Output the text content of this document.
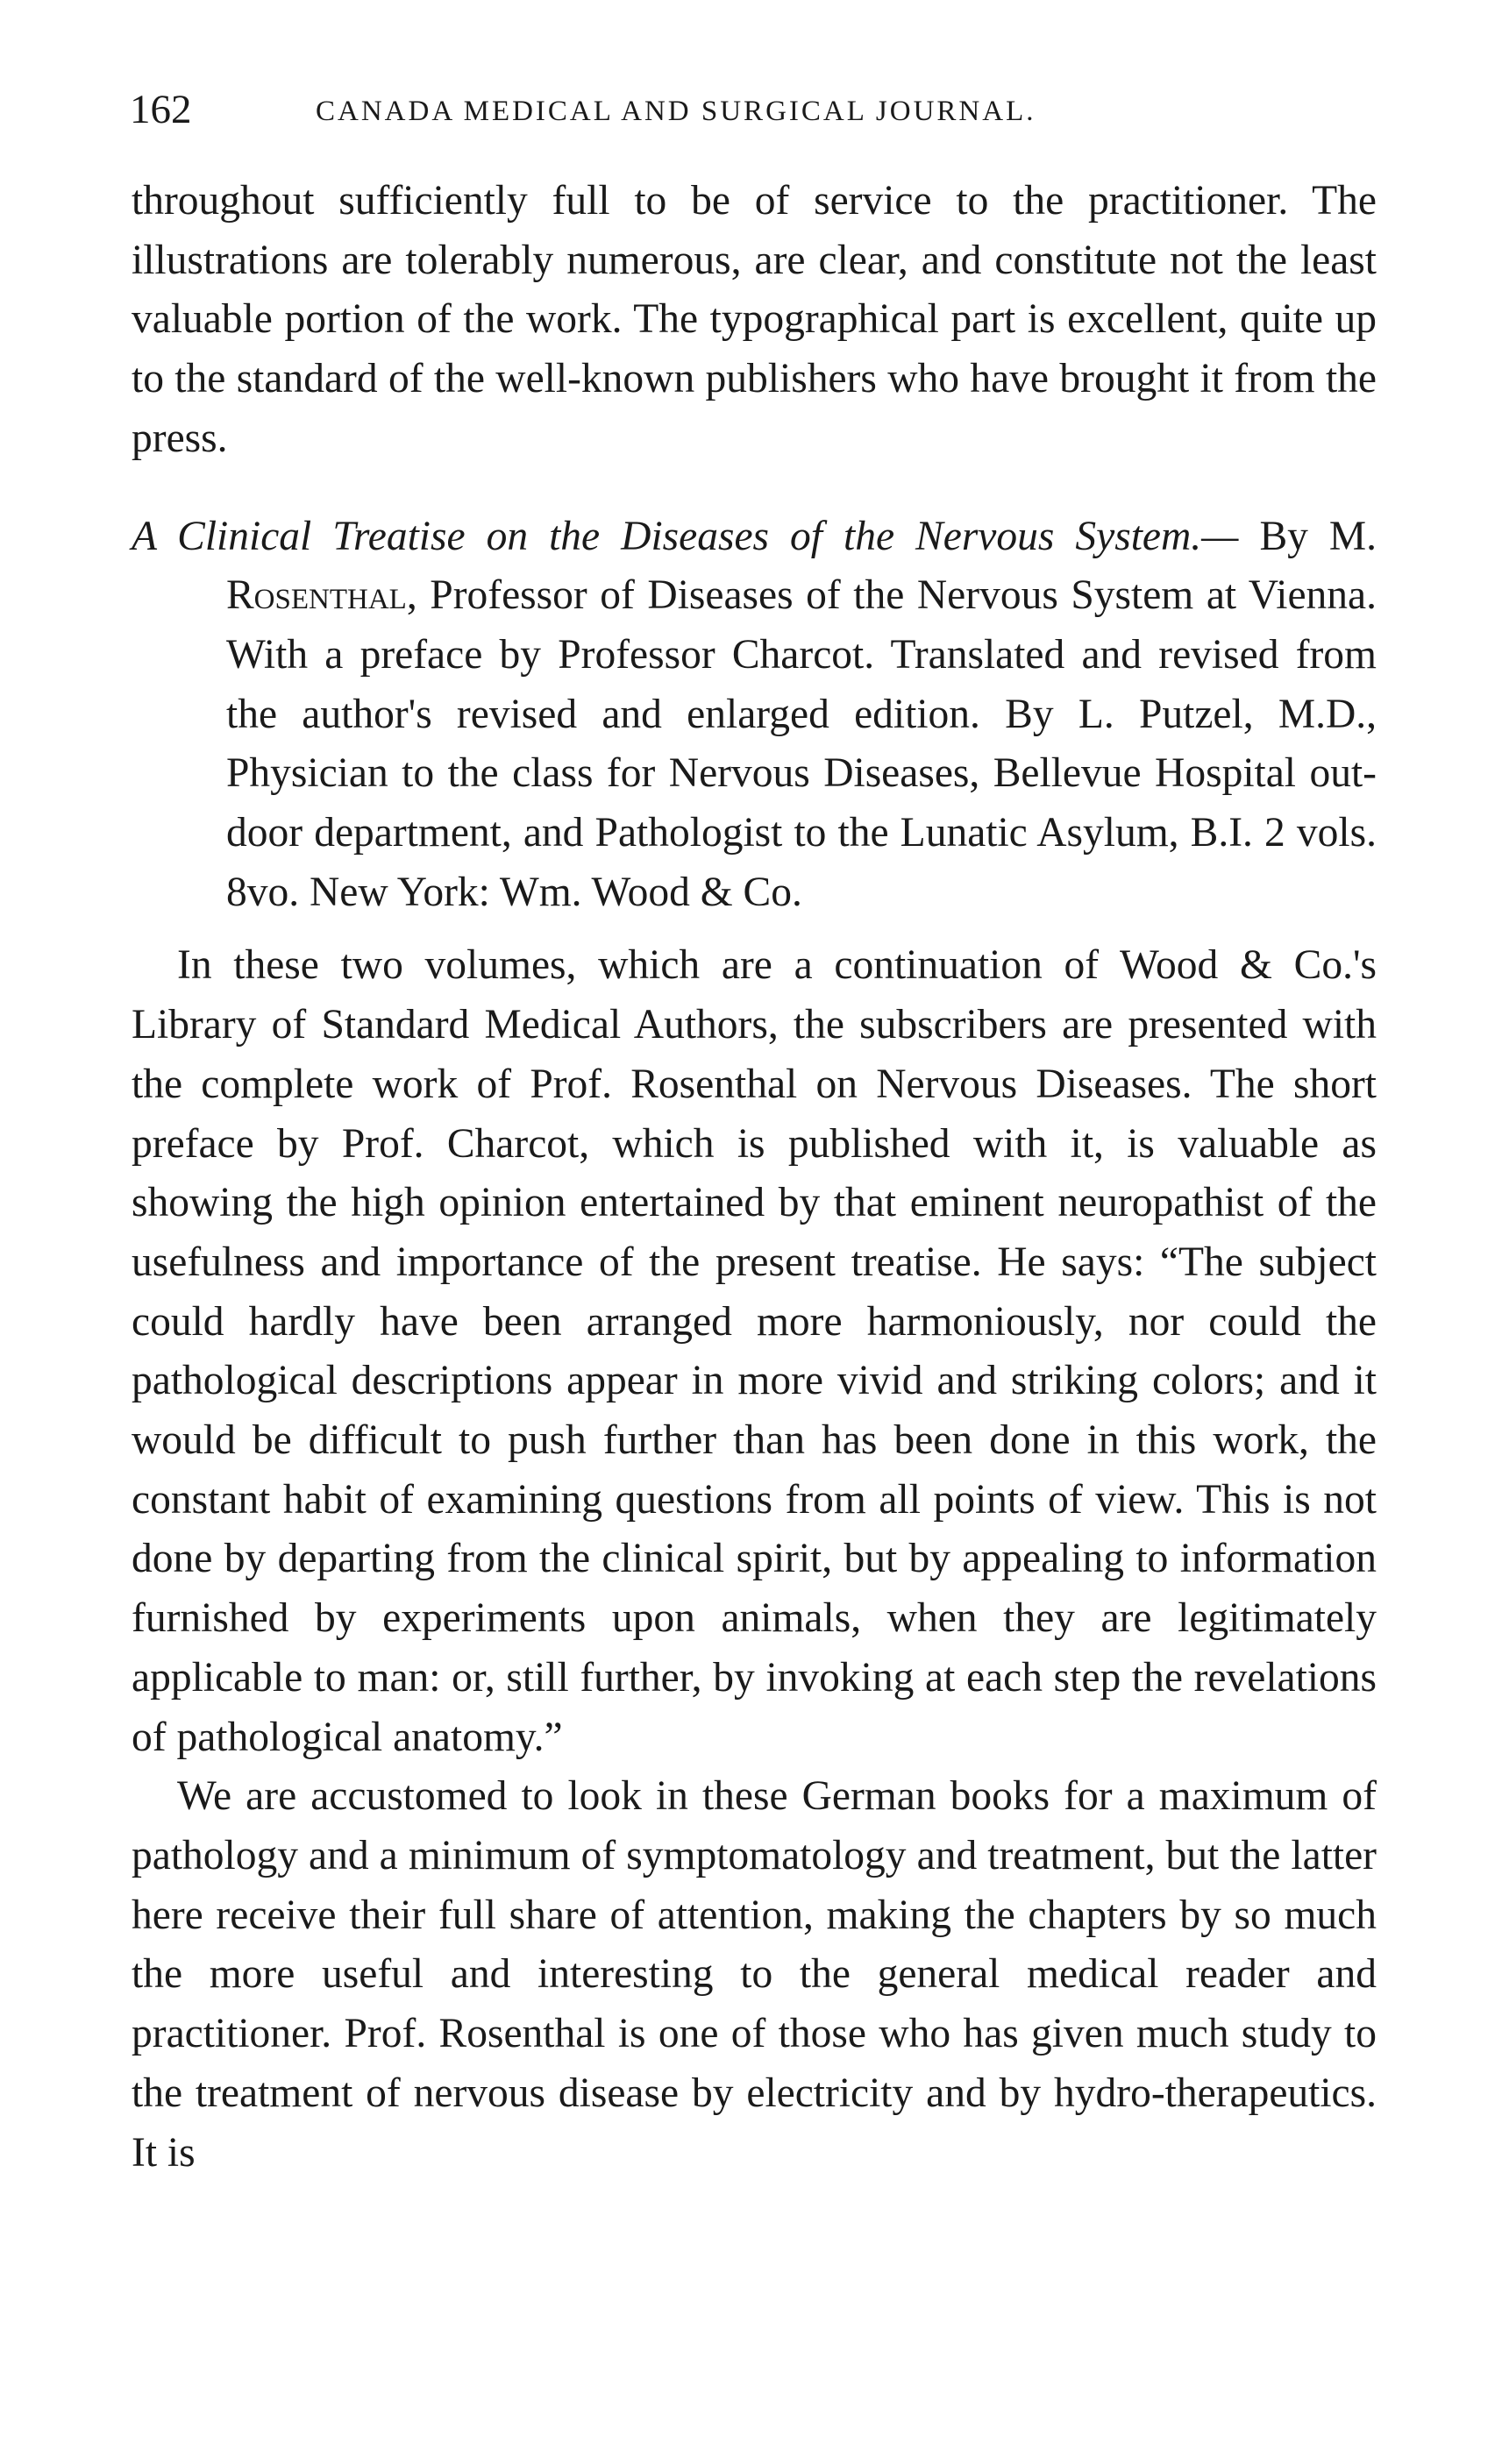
162	CANADA MEDICAL AND SURGICAL JOURNAL.

throughout sufficiently full to be of service to the practitioner. The illustrations are tolerably numerous, are clear, and constitute not the least valuable portion of the work. The typographical part is excellent, quite up to the standard of the well-known publishers who have brought it from the press.

A Clinical Treatise on the Diseases of the Nervous System.— By M. Rosenthal, Professor of Diseases of the Nervous System at Vienna. With a preface by Professor Charcot. Translated and revised from the author's revised and enlarged edition. By L. Putzel, M.D., Physician to the class for Nervous Diseases, Bellevue Hospital out-door department, and Pathologist to the Lunatic Asylum, B.I. 2 vols. 8vo. New York: Wm. Wood & Co.

In these two volumes, which are a continuation of Wood & Co.'s Library of Standard Medical Authors, the subscribers are presented with the complete work of Prof. Rosenthal on Nervous Diseases. The short preface by Prof. Charcot, which is published with it, is valuable as showing the high opinion entertained by that eminent neuropathist of the usefulness and importance of the present treatise. He says: “The subject could hardly have been arranged more harmoniously, nor could the pathological descriptions appear in more vivid and striking colors; and it would be difficult to push further than has been done in this work, the constant habit of examining questions from all points of view. This is not done by departing from the clinical spirit, but by appealing to information furnished by experiments upon animals, when they are legitimately applicable to man: or, still further, by invoking at each step the revelations of pathological anatomy.”

We are accustomed to look in these German books for a maximum of pathology and a minimum of symptomatology and treatment, but the latter here receive their full share of attention, making the chapters by so much the more useful and interesting to the general medical reader and practitioner. Prof. Rosenthal is one of those who has given much study to the treatment of nervous disease by electricity and by hydro-therapeutics. It is
